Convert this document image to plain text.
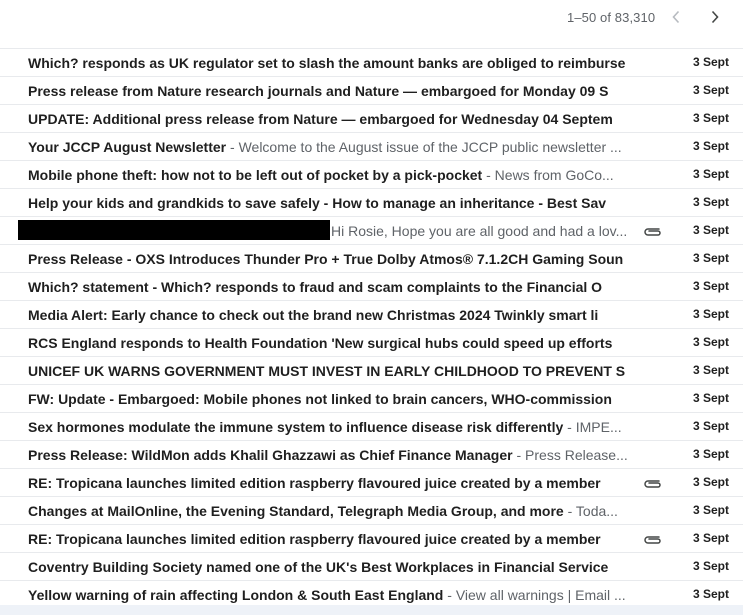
Which? responds as UK regulator set to slash the amount banks are obliged to reimburse	3 Sept
Press release from Nature research journals and Nature — embargoed for Monday 09 S	3 Sept
UPDATE: Additional press release from Nature — embargoed for Wednesday 04 Septem	3 Sept
Your JCCP August Newsletter - Welcome to the August issue of the JCCP public newsletter ...	3 Sept
Mobile phone theft: how not to be left out of pocket by a pick-pocket - News from GoCo...	3 Sept
Help your kids and grandkids to save safely - How to manage an inheritance - Best Sav	3 Sept
Hi Rosie, Hope you are all good and had a lov...	3 Sept
Press Release - OXS Introduces Thunder Pro + True Dolby Atmos® 7.1.2CH Gaming Soun	3 Sept
Which? statement - Which? responds to fraud and scam complaints to the Financial O	3 Sept
Media Alert: Early chance to check out the brand new Christmas 2024 Twinkly smart li	3 Sept
RCS England responds to Health Foundation 'New surgical hubs could speed up efforts	3 Sept
UNICEF UK WARNS GOVERNMENT MUST INVEST IN EARLY CHILDHOOD TO PREVENT S	3 Sept
FW: Update - Embargoed: Mobile phones not linked to brain cancers, WHO-commission	3 Sept
Sex hormones modulate the immune system to influence disease risk differently - IMPE...	3 Sept
Press Release: WildMon adds Khalil Ghazzawi as Chief Finance Manager - Press Release...	3 Sept
RE: Tropicana launches limited edition raspberry flavoured juice created by a member	3 Sept
Changes at MailOnline, the Evening Standard, Telegraph Media Group, and more - Toda...	3 Sept
RE: Tropicana launches limited edition raspberry flavoured juice created by a member	3 Sept
Coventry Building Society named one of the UK's Best Workplaces in Financial Service	3 Sept
Yellow warning of rain affecting London & South East England - View all warnings | Email ...	3 Sept
1–50 of 83,310
